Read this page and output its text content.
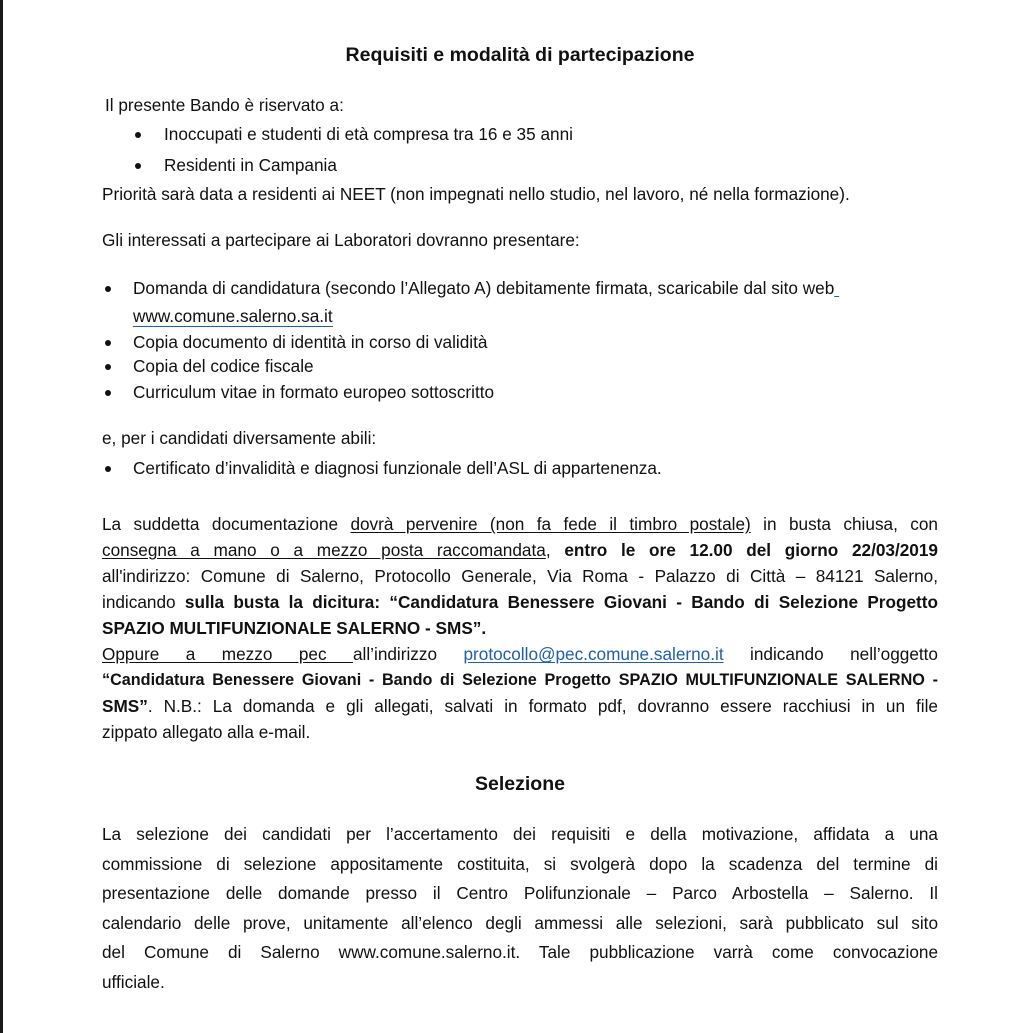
Requisiti e modalità di partecipazione
Il presente Bando è riservato a:
Inoccupati e studenti di età compresa tra 16 e 35 anni
Residenti in Campania
Priorità sarà data a residenti ai NEET (non impegnati nello studio, nel lavoro, né nella formazione).
Gli interessati a partecipare ai Laboratori dovranno presentare:
Domanda di candidatura (secondo l’Allegato A) debitamente firmata, scaricabile dal sito web
www.comune.salerno.sa.it
Copia documento di identità in corso di validità
Copia del codice fiscale
Curriculum vitae in formato europeo sottoscritto
e, per i candidati diversamente abili:
Certificato d’invalidità e diagnosi funzionale dell’ASL di appartenenza.
La suddetta documentazione dovrà pervenire (non fa fede il timbro postale) in busta chiusa, con
consegna a mano o a mezzo posta raccomandata, entro le ore 12.00 del giorno 22/03/2019
all'indirizzo: Comune di Salerno, Protocollo Generale, Via Roma - Palazzo di Città – 84121 Salerno,
indicando sulla busta la dicitura: “Candidatura Benessere Giovani - Bando di Selezione Progetto
SPAZIO MULTIFUNZIONALE SALERNO - SMS”.
Oppure a mezzo pec all’indirizzo protocollo@pec.comune.salerno.it indicando nell’oggetto
“Candidatura Benessere Giovani - Bando di Selezione Progetto SPAZIO MULTIFUNZIONALE SALERNO -
SMS”. N.B.: La domanda e gli allegati, salvati in formato pdf, dovranno essere racchiusi in un file
zippato allegato alla e-mail.
Selezione
La selezione dei candidati per l’accertamento dei requisiti e della motivazione, affidata a una
commissione di selezione appositamente costituita, si svolgerà dopo la scadenza del termine di
presentazione delle domande presso il Centro Polifunzionale – Parco Arbostella – Salerno. Il
calendario delle prove, unitamente all’elenco degli ammessi alle selezioni, sarà pubblicato sul sito
del Comune di Salerno www.comune.salerno.it. Tale pubblicazione varrà come convocazione
ufficiale.
